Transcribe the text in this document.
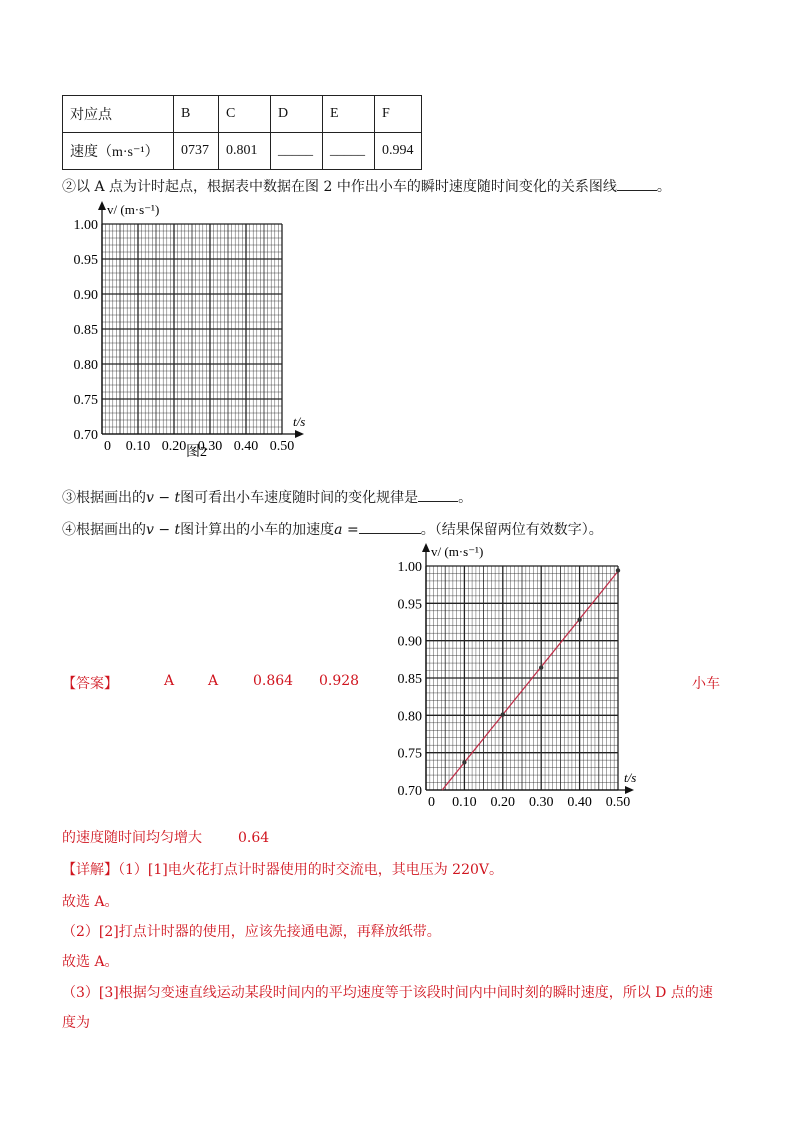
对应点	B	C	D	E	F
速度（m·s⁻¹）	0737	0.801	_____	_____	0.994
②以 A 点为计时起点，根据表中数据在图 2 中作出小车的瞬时速度随时间变化的关系图线	。
v/ (m·s⁻¹)
t/s
1.00
0.95
0.90
0.85
0.80
0.75
0.70
0 0.10 0.20 0.30 0.40 0.50
图2
③根据画出的v − t图可看出小车速度随时间的变化规律是	。
④根据画出的v − t图计算出的小车的加速度a =	。（结果保留两位有效数字）。
【答案】	A A 0.864 0.928	小车
v/ (m·s⁻¹)
t/s
1.00
0.95
0.90
0.85
0.80
0.75
0.70
0 0.10 0.20 0.30 0.40 0.50
的速度随时间均匀增大	0.64
【详解】（1）[1]电火花打点计时器使用的时交流电，其电压为 220V。
故选 A。
（2）[2]打点计时器的使用，应该先接通电源，再释放纸带。
故选 A。
（3）[3]根据匀变速直线运动某段时间内的平均速度等于该段时间内中间时刻的瞬时速度，所以 D 点的速
度为
